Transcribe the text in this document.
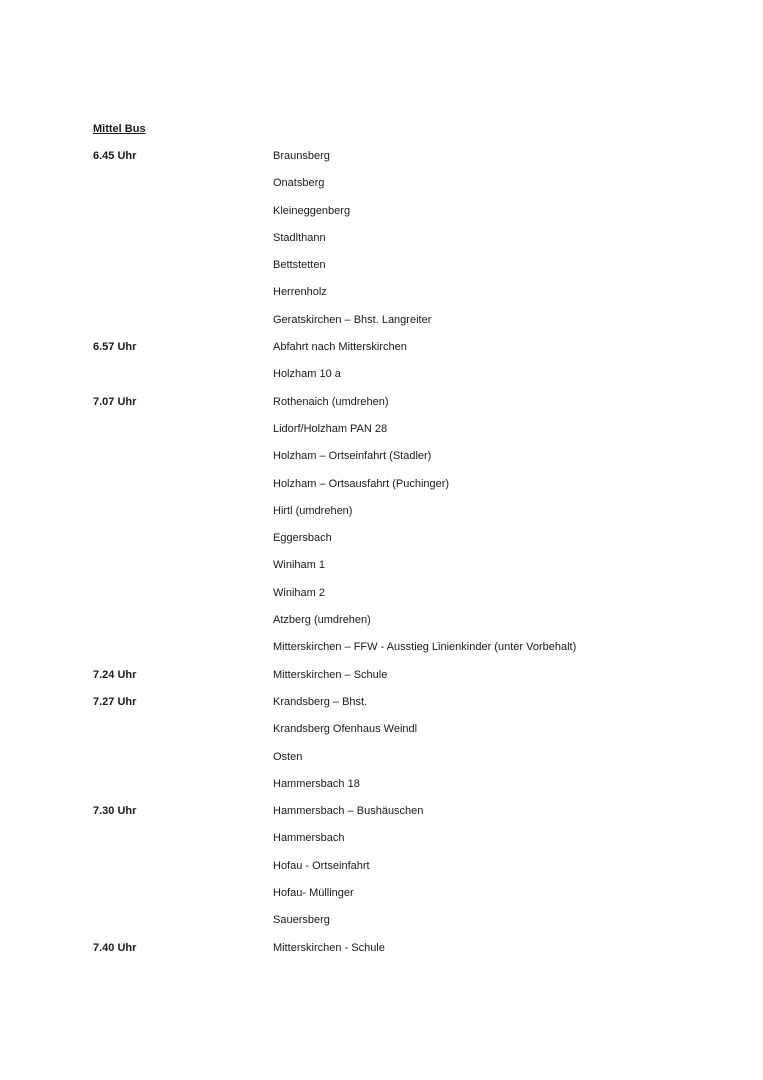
Mittel Bus
6.45 Uhr	Braunsberg
Onatsberg
Kleineggenberg
Stadlthann
Bettstetten
Herrenholz
Geratskirchen – Bhst. Langreiter
6.57 Uhr	Abfahrt nach Mitterskirchen
Holzham 10 a
7.07 Uhr	Rothenaich (umdrehen)
Lidorf/Holzham PAN 28
Holzham – Ortseinfahrt (Stadler)
Holzham – Ortsausfahrt (Puchinger)
Hirtl (umdrehen)
Eggersbach
Winiham 1
Winiham 2
Atzberg (umdrehen)
Mitterskirchen – FFW - Ausstieg Linienkinder (unter Vorbehalt)
7.24 Uhr	Mitterskirchen – Schule
7.27 Uhr	Krandsberg – Bhst.
Krandsberg Ofenhaus Weindl
Osten
Hammersbach 18
7.30 Uhr	Hammersbach – Bushäuschen
Hammersbach
Hofau - Ortseinfahrt
Hofau- Müllinger
Sauersberg
7.40 Uhr	Mitterskirchen - Schule
